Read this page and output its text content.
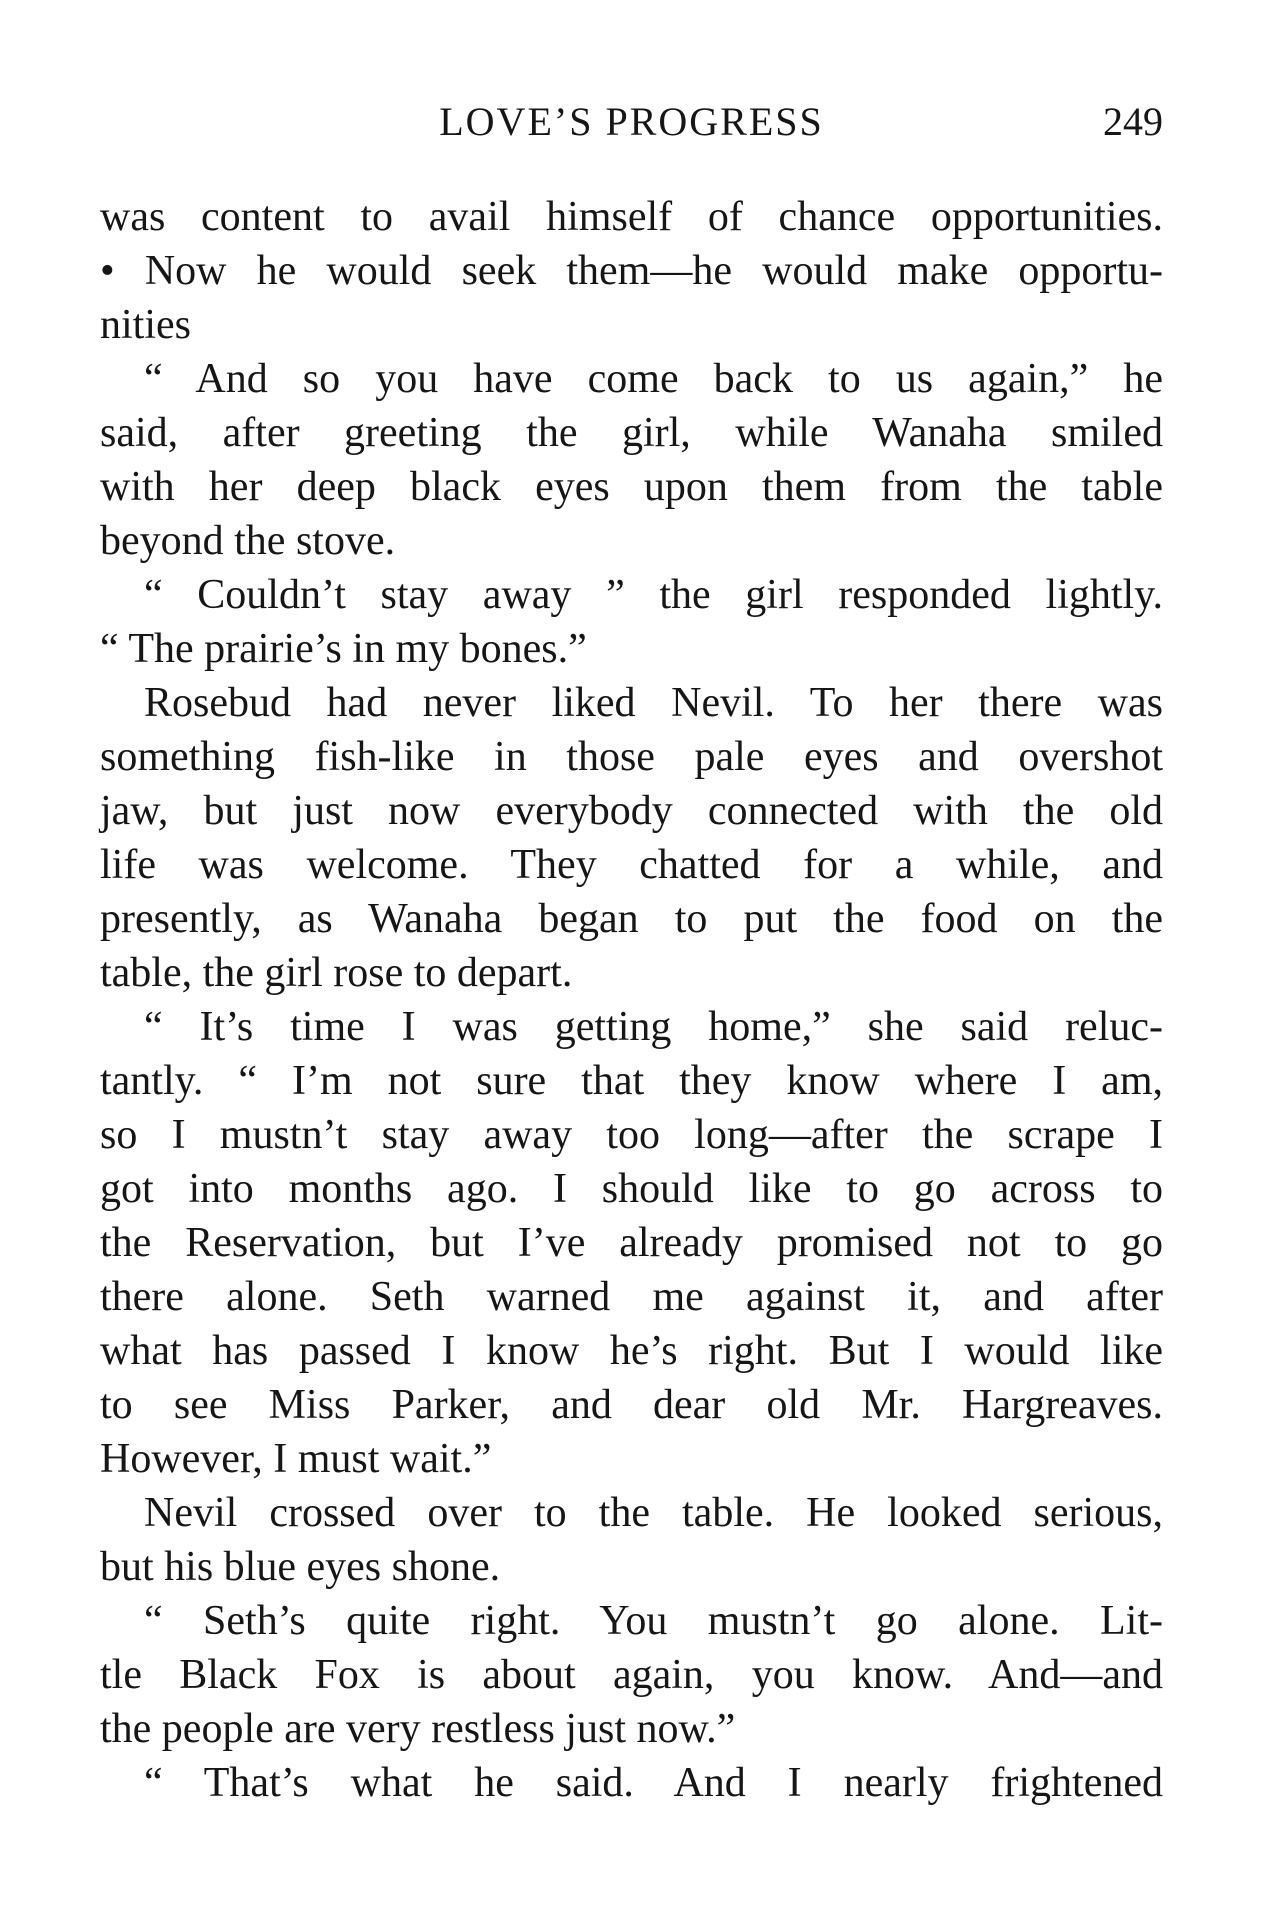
LOVE’S PROGRESS	249
was content to avail himself of chance opportunities.
• Now he would seek them—he would make opportu-
nities
“ And so you have come back to us again,” he
said, after greeting the girl, while Wanaha smiled
with her deep black eyes upon them from the table
beyond the stove.
“ Couldn’t stay away ” the girl responded lightly.
“ The prairie’s in my bones.”
Rosebud had never liked Nevil. To her there was
something fish-like in those pale eyes and overshot
jaw, but just now everybody connected with the old
life was welcome. They chatted for a while, and
presently, as Wanaha began to put the food on the
table, the girl rose to depart.
“ It’s time I was getting home,” she said reluc-
tantly. “ I’m not sure that they know where I am,
so I mustn’t stay away too long—after the scrape I
got into months ago. I should like to go across to
the Reservation, but I’ve already promised not to go
there alone. Seth warned me against it, and after
what has passed I know he’s right. But I would like
to see Miss Parker, and dear old Mr. Hargreaves.
However, I must wait.”
Nevil crossed over to the table. He looked serious,
but his blue eyes shone.
“ Seth’s quite right. You mustn’t go alone. Lit-
tle Black Fox is about again, you know. And—and
the people are very restless just now.”
“ That’s what he said. And I nearly frightened
